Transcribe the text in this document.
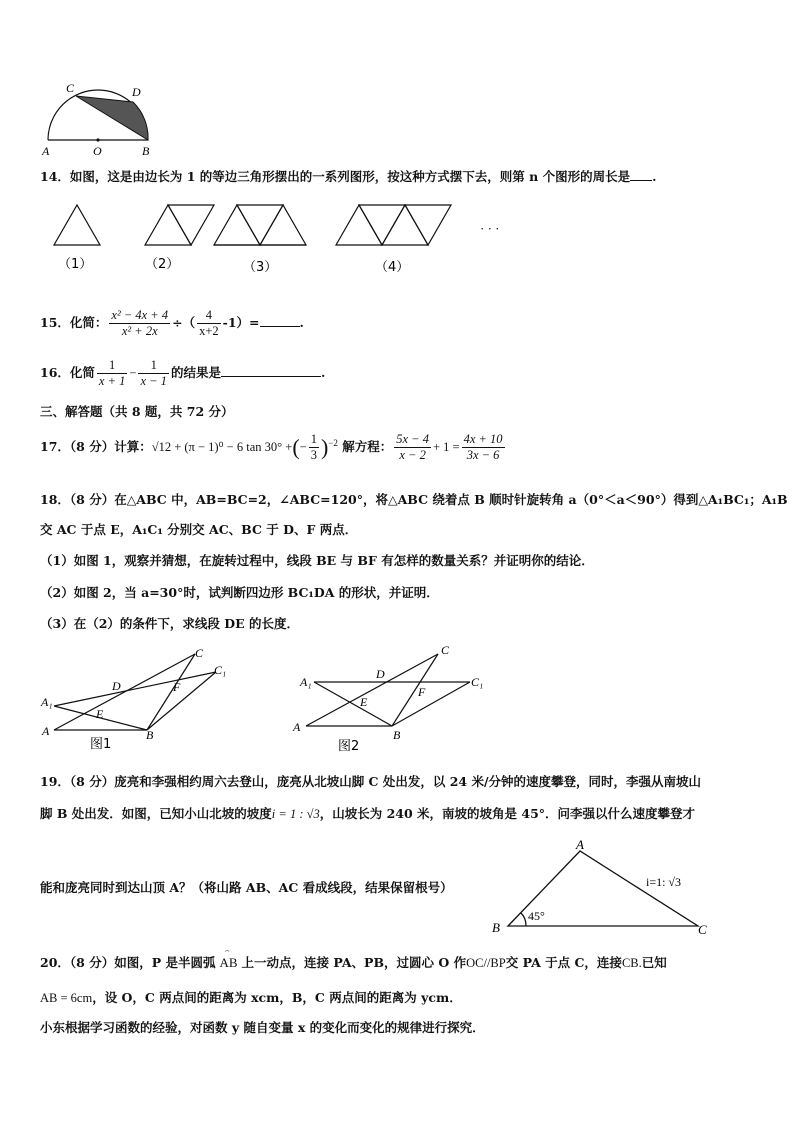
A	O	B
C	D
14．如图，这是由边长为 1 的等边三角形摆出的一系列图形，按这种方式摆下去，则第 n 个图形的周长是 .
（1）	（2）	（3）	（4）
· · ·
15．化简： $\frac{\text{x² − 4x + 4}}{\text{x² + 2x}}$ ÷（ $\frac{4}{x+2} -1)=$	.
16．化简 $\frac{1}{x + 1} - \frac{1}{x - 1}$ 的结果是	.
三、解答题（共 8 题，共 72 分）
17．（8 分）计算：√12 + (π − 1)⁰ − 6 tan 30° +(− $\frac{1}{3} )^{-2}$ 解方程： $\frac{5x - 4}{x - 2} + 1 = \frac{4x + 10}{3x - 6}$
18．（8 分）在△ABC 中，AB=BC=2，∠ABC=120°，将△ABC 绕着点 B 顺时针旋转角 a（0°＜a＜90°）得到△A₁BC₁；A₁B
交 AC 于点 E，A₁C₁ 分别交 AC、BC 于 D、F 两点．
（1）如图 1，观察并猜想，在旋转过程中，线段 BE 与 BF 有怎样的数量关系？并证明你的结论．
（2）如图 2，当 a=30°时，试判断四边形 BC₁DA 的形状，并证明．
（3）在（2）的条件下，求线段 DE 的长度．
A₁
A	B
C
C₁
D
E
F
图1
A₁
A
B
C
C₁
D
E
F
图2
19．（8 分）庞亮和李强相约周六去登山，庞亮从北坡山脚 C 处出发，以 24 米/分钟的速度攀登，同时，李强从南坡山
脚 B 处出发．如图，已知小山北坡的坡度i = 1 : √3，山坡长为 240 米，南坡的坡角是 45°．问李强以什么速度攀登才
能和庞亮同时到达山顶 A？（将山路 AB、AC 看成线段，结果保留根号）
A
B	C
45°
i=1: √3
20．（8 分）如图，P 是半圆弧
⌢
AB 上一动点，连接 PA、PB，过圆心 O 作OC//BP交 PA 于点 C，连接CB.已知
AB = 6cm，设 O，C 两点间的距离为 xcm，B，C 两点间的距离为 ycm．
小东根据学习函数的经验，对函数 y 随自变量 x 的变化而变化的规律进行探究．
